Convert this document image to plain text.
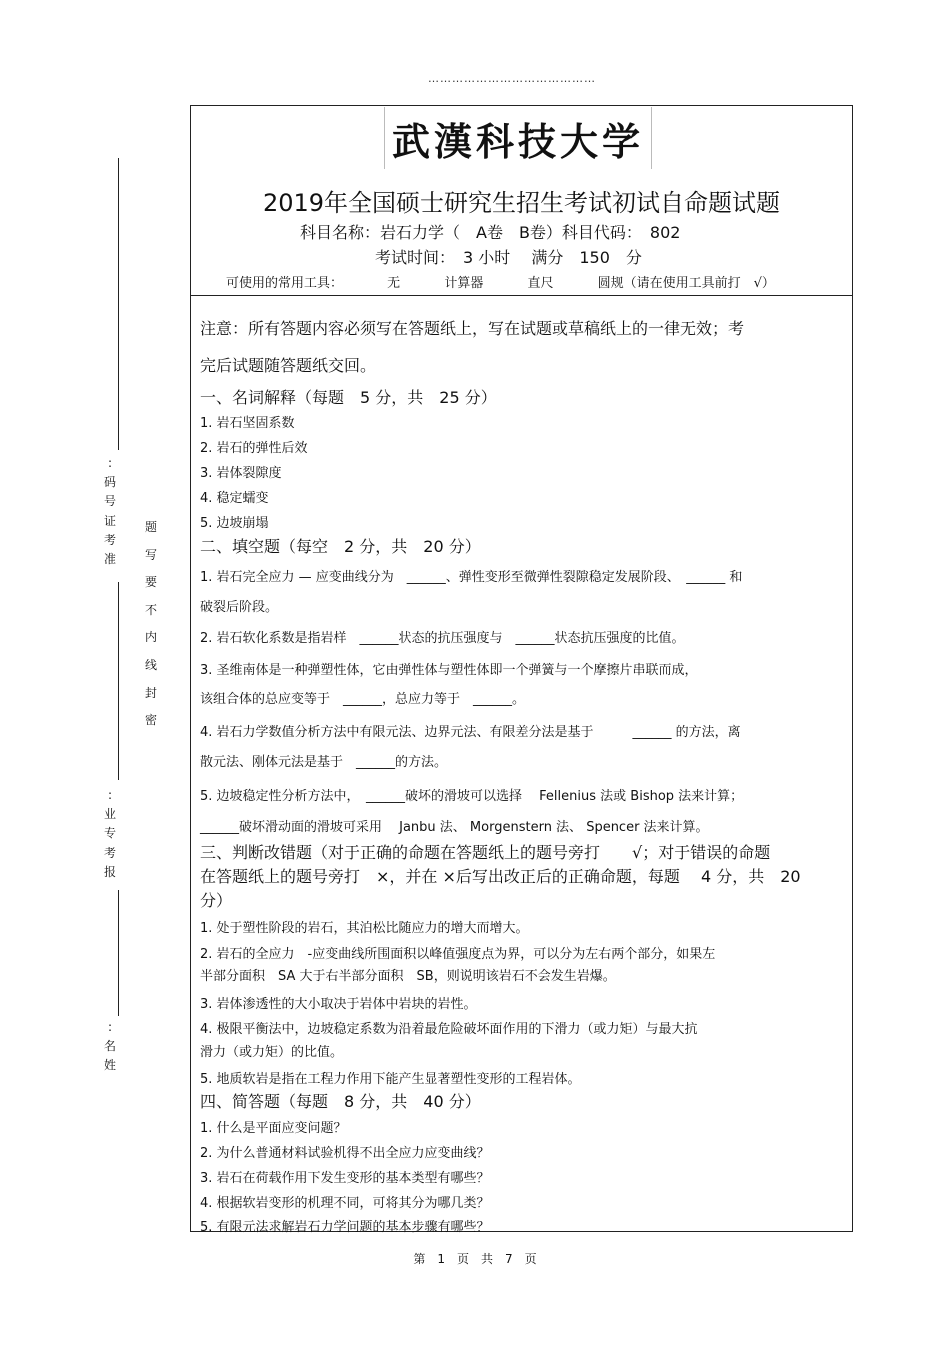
……………………………………
武漢科技大学
2019年全国硕士研究生招生考试初试自命题试题
科目名称：岩石力学（　A卷　B卷）科目代码：　802
考试时间：　3 小时　 满分　150　分
可使用的常用工具：	无	计算器	直尺	圆规（请在使用工具前打　√）
注意：所有答题内容必须写在答题纸上，写在试题或草稿纸上的一律无效；考
完后试题随答题纸交回。
一、名词解释（每题　5 分，共　25 分）
1. 岩石坚固系数
2. 岩石的弹性后效
3. 岩体裂隙度
4. 稳定蠕变
5. 边坡崩塌
二、填空题（每空　2 分，共　20 分）
1. 岩石完全应力 — 应变曲线分为　______、弹性变形至微弹性裂隙稳定发展阶段、　______ 和
破裂后阶段。
2. 岩石软化系数是指岩样　______状态的抗压强度与　______状态抗压强度的比值。
3. 圣维南体是一种弹塑性体，它由弹性体与塑性体即一个弹簧与一个摩擦片串联而成，
该组合体的总应变等于　______，总应力等于　______。
4. 岩石力学数值分析方法中有限元法、边界元法、有限差分法是基于　　　______ 的方法，离
散元法、刚体元法是基于　______的方法。
5. 边坡稳定性分析方法中，　______破坏的滑坡可以选择　 Fellenius 法或 Bishop 法来计算；
______破坏滑动面的滑坡可采用　 Janbu 法、 Morgenstern 法、 Spencer 法来计算。
三、判断改错题（对于正确的命题在答题纸上的题号旁打　　√；对于错误的命题
在答题纸上的题号旁打　×，并在 ×后写出改正后的正确命题，每题　 4 分，共　20
分）
1. 处于塑性阶段的岩石，其泊松比随应力的增大而增大。
2. 岩石的全应力　-应变曲线所围面积以峰值强度点为界，可以分为左右两个部分，如果左
半部分面积　SA 大于右半部分面积　SB，则说明该岩石不会发生岩爆。
3. 岩体渗透性的大小取决于岩体中岩块的岩性。
4. 极限平衡法中，边坡稳定系数为沿着最危险破坏面作用的下滑力（或力矩）与最大抗
滑力（或力矩）的比值。
5. 地质软岩是指在工程力作用下能产生显著塑性变形的工程岩体。
四、简答题（每题　8 分，共　40 分）
1. 什么是平面应变问题？
2. 为什么普通材料试验机得不出全应力应变曲线？
3. 岩石在荷载作用下发生变形的基本类型有哪些？
4. 根据软岩变形的机理不同，可将其分为哪几类？
5. 有限元法求解岩石力学问题的基本步骤有哪些？
:码号证考准
题写要不内线封密
:业专考报
:名姓
第　1　页　共　7　页
